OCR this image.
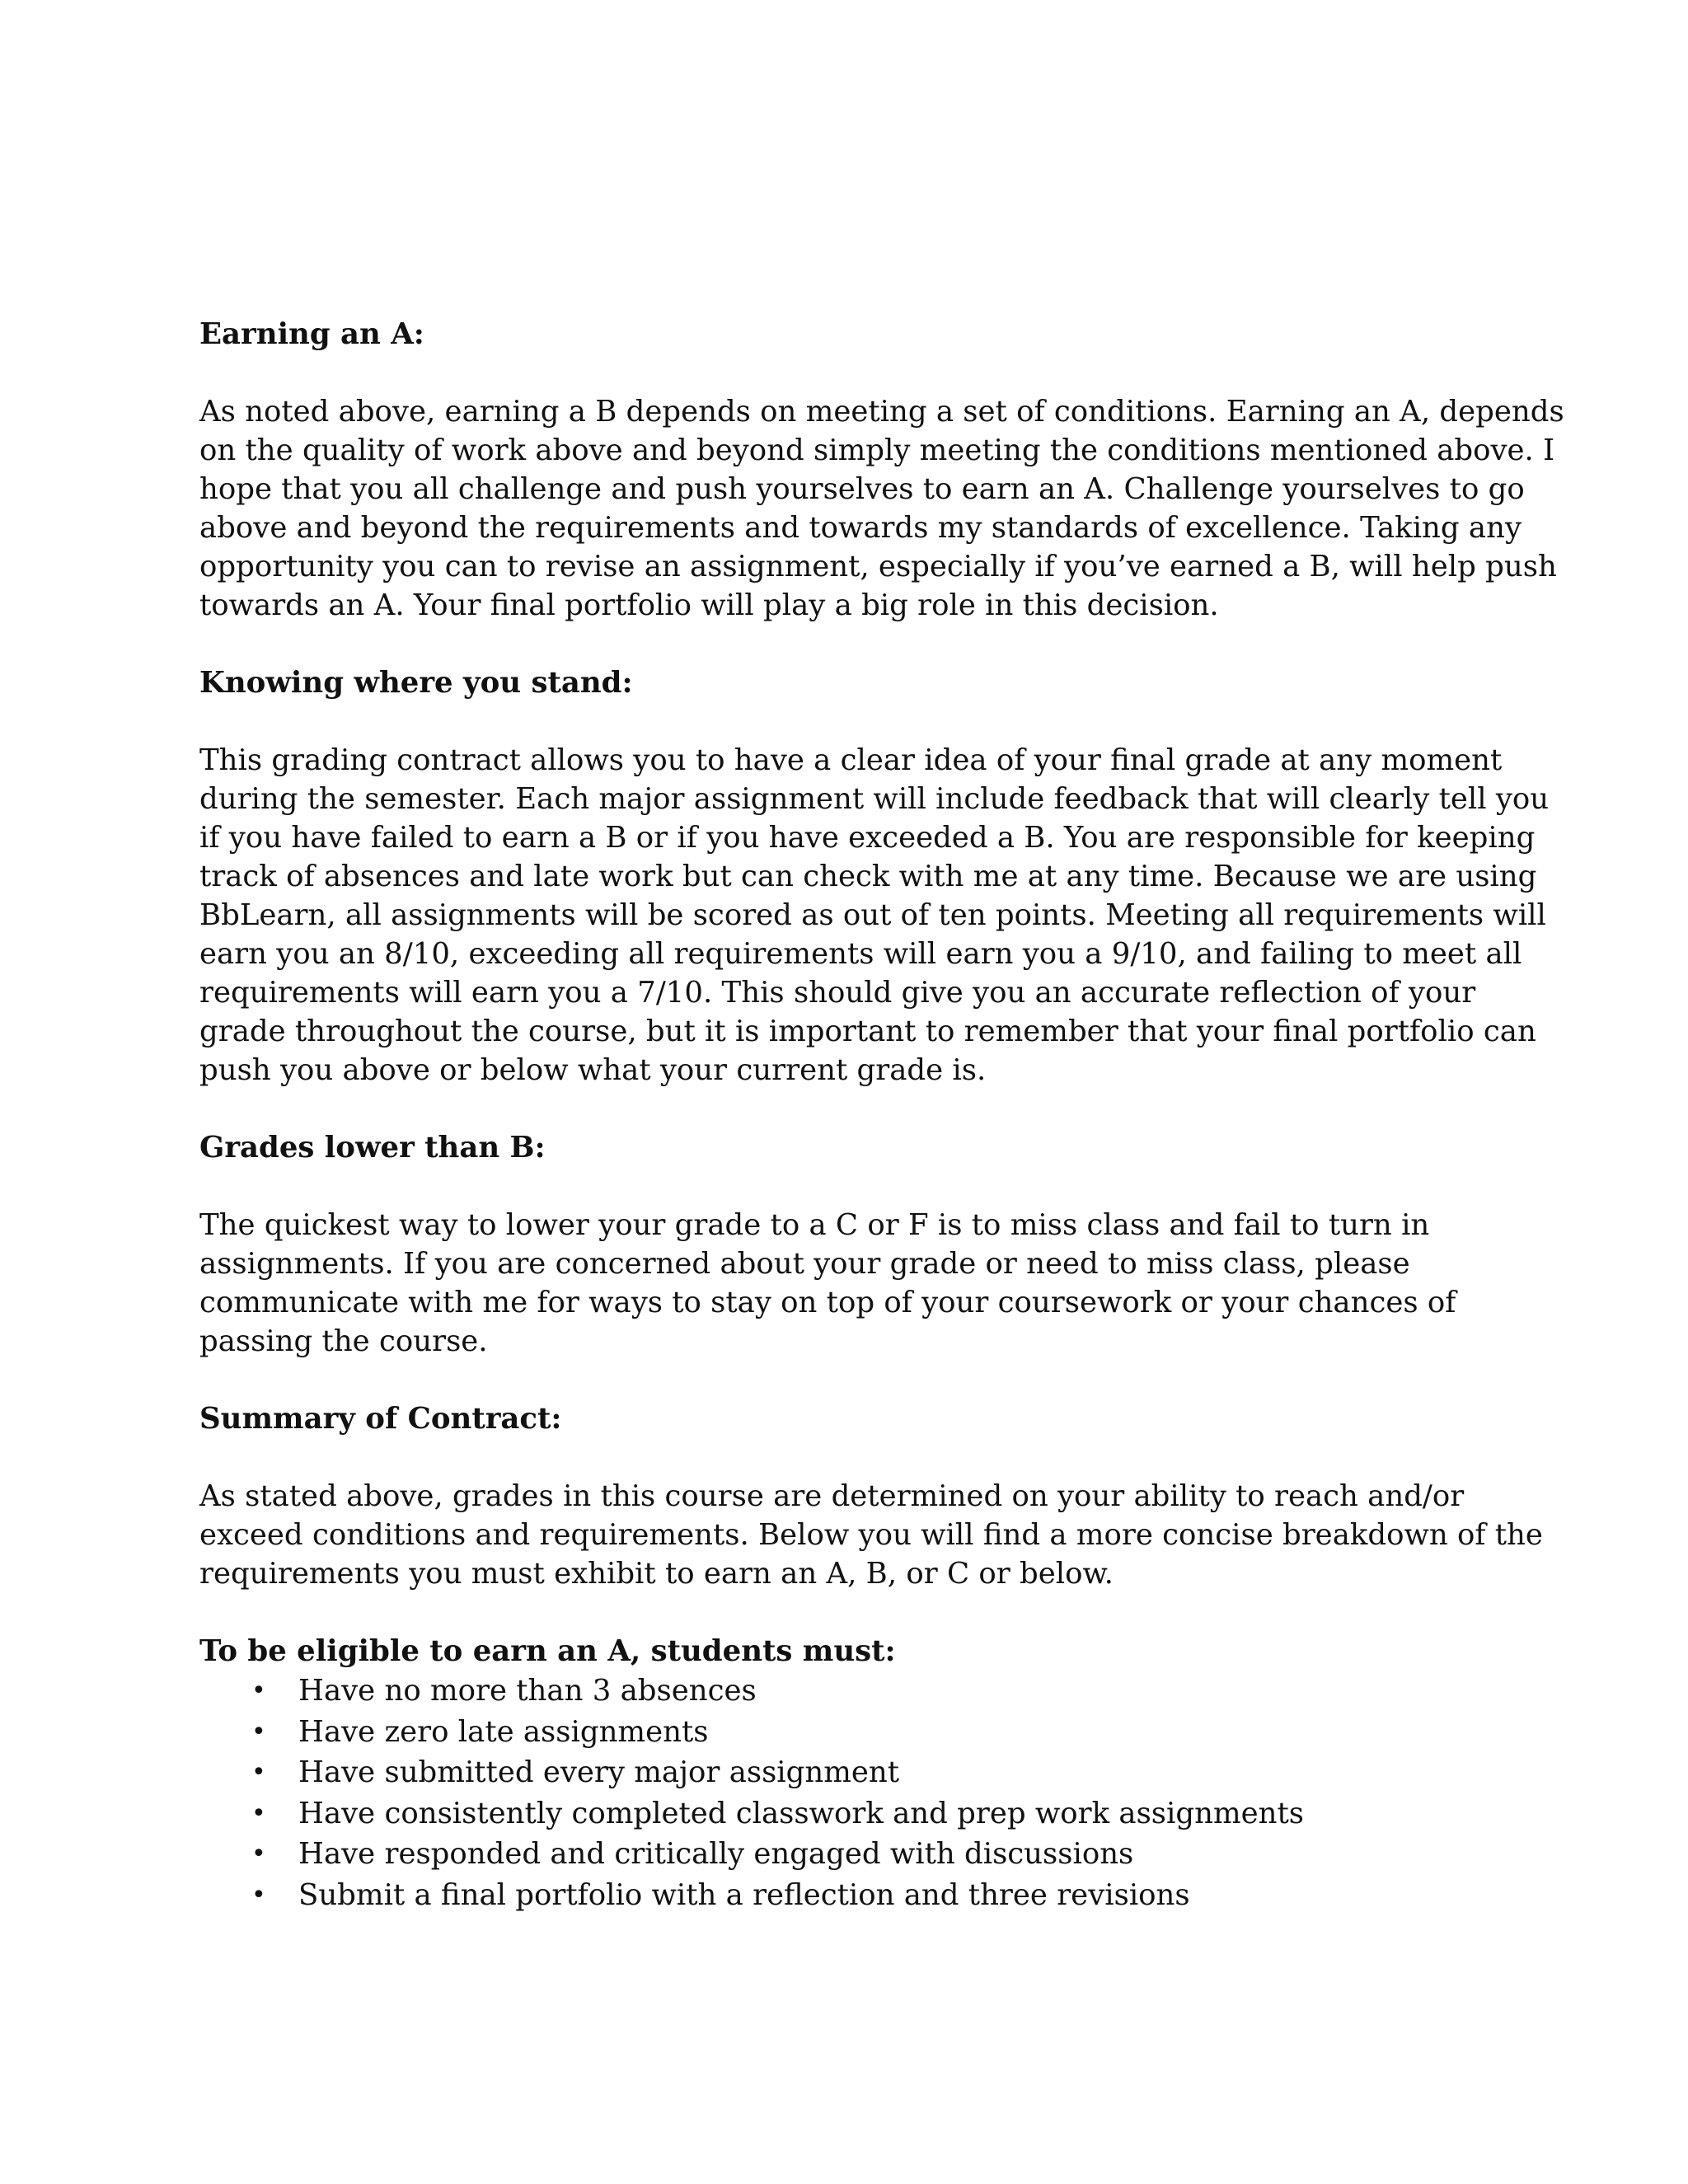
Earning an A:
As noted above, earning a B depends on meeting a set of conditions. Earning an A, depends
on the quality of work above and beyond simply meeting the conditions mentioned above. I
hope that you all challenge and push yourselves to earn an A. Challenge yourselves to go
above and beyond the requirements and towards my standards of excellence. Taking any
opportunity you can to revise an assignment, especially if you’ve earned a B, will help push
towards an A. Your final portfolio will play a big role in this decision.
Knowing where you stand:
This grading contract allows you to have a clear idea of your final grade at any moment
during the semester. Each major assignment will include feedback that will clearly tell you
if you have failed to earn a B or if you have exceeded a B. You are responsible for keeping
track of absences and late work but can check with me at any time. Because we are using
BbLearn, all assignments will be scored as out of ten points. Meeting all requirements will
earn you an 8/10, exceeding all requirements will earn you a 9/10, and failing to meet all
requirements will earn you a 7/10. This should give you an accurate reflection of your
grade throughout the course, but it is important to remember that your final portfolio can
push you above or below what your current grade is.
Grades lower than B:
The quickest way to lower your grade to a C or F is to miss class and fail to turn in
assignments. If you are concerned about your grade or need to miss class, please
communicate with me for ways to stay on top of your coursework or your chances of
passing the course.
Summary of Contract:
As stated above, grades in this course are determined on your ability to reach and/or
exceed conditions and requirements. Below you will find a more concise breakdown of the
requirements you must exhibit to earn an A, B, or C or below.
To be eligible to earn an A, students must:
• Have no more than 3 absences
• Have zero late assignments
• Have submitted every major assignment
• Have consistently completed classwork and prep work assignments
• Have responded and critically engaged with discussions
• Submit a final portfolio with a reflection and three revisions
